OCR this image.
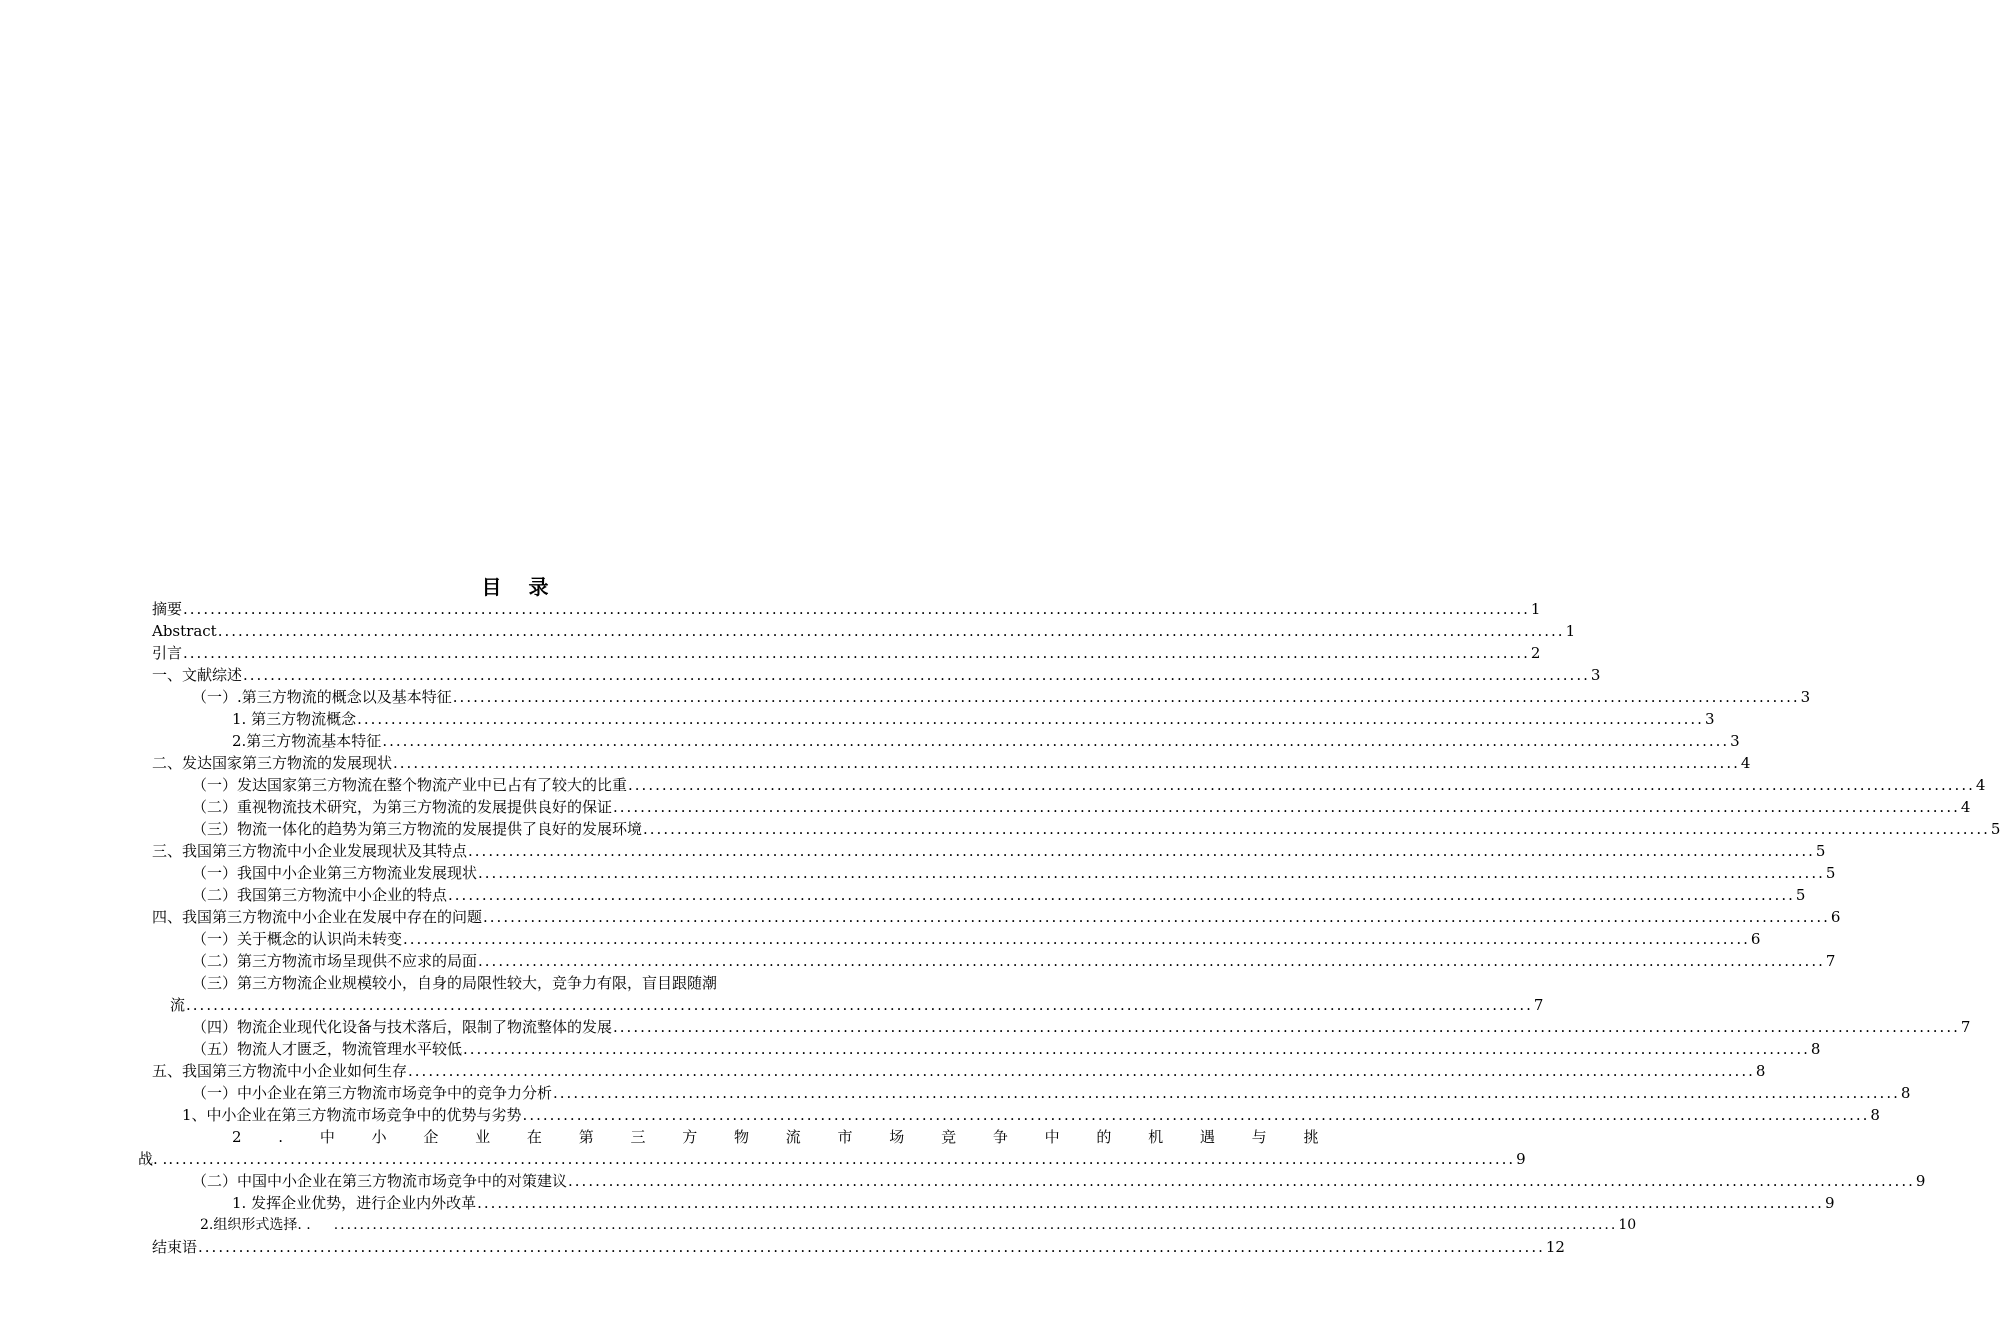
目 录
摘要 .....	1
Abstract .....	1
引言 .....	2
一、文献综述 .....	3
（一）.第三方物流的概念以及基本特征 .....	3
1. 第三方物流概念 .....	3
2.第三方物流基本特征 .....	3
二、发达国家第三方物流的发展现状 .....	4
（一）发达国家第三方物流在整个物流产业中已占有了较大的比重 .....	4
（二）重视物流技术研究，为第三方物流的发展提供良好的保证 .....	4
（三）物流一体化的趋势为第三方物流的发展提供了良好的发展环境 .....	5
三、我国第三方物流中小企业发展现状及其特点 .....	5
（一）我国中小企业第三方物流业发展现状 .....	5
（二）我国第三方物流中小企业的特点 .....	5
四、我国第三方物流中小企业在发展中存在的问题 .....	6
（一）关于概念的认识尚未转变 .....	6
（二）第三方物流市场呈现供不应求的局面 .....	7
（三）第三方物流企业规模较小，自身的局限性较大，竞争力有限，盲目跟随潮
流 .....	7
（四）物流企业现代化设备与技术落后，限制了物流整体的发展 .....	7
（五）物流人才匮乏，物流管理水平较低 .....	8
五、我国第三方物流中小企业如何生存 .....	8
（一）中小企业在第三方物流市场竞争中的竞争力分析 .....	8
1、中小企业在第三方物流市场竞争中的优势与劣势 .....	8
2 . 中 小 企 业 在 第 三 方 物 流 市 场 竞 争 中 的 机 遇 与 挑
战. . .....	9
（二）中国中小企业在第三方物流市场竞争中的对策建议 .....	9
1. 发挥企业优势，进行企业内外改革 .....	9
2.组织形式选择. . .....	10
结束语 .....	12
